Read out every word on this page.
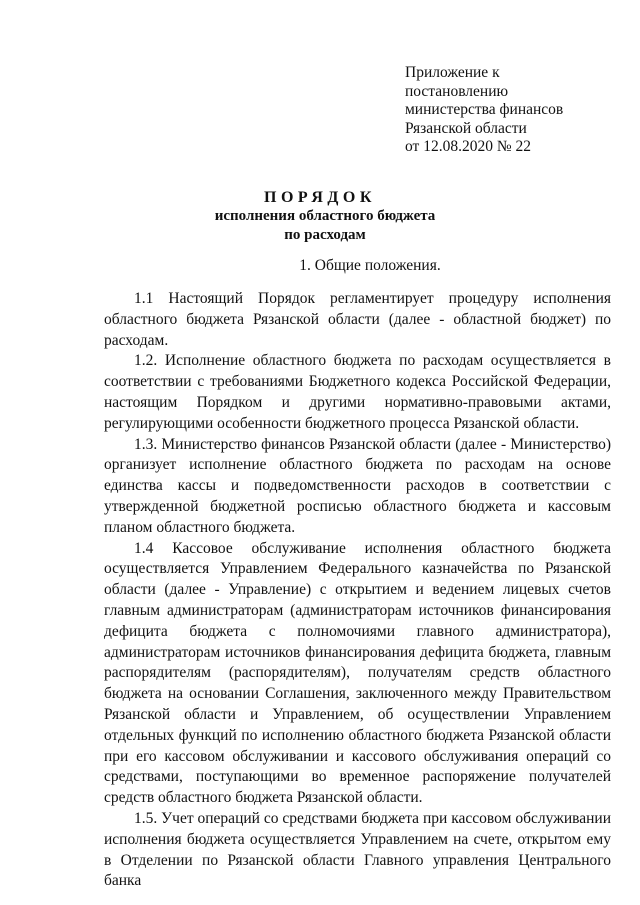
Приложение к
постановлению
министерства финансов
Рязанской области
от 12.08.2020 № 22
ПОРЯДОК
исполнения областного бюджета
по расходам
1. Общие положения.

1.1 Настоящий Порядок регламентирует процедуру исполнения областного бюджета Рязанской области (далее - областной бюджет) по расходам.

1.2. Исполнение областного бюджета по расходам осуществляется в соответствии с требованиями Бюджетного кодекса Российской Федерации, настоящим Порядком и другими нормативно-правовыми актами, регулирующими особенности бюджетного процесса Рязанской области.

1.3. Министерство финансов Рязанской области (далее - Министерство) организует исполнение областного бюджета по расходам на основе единства кассы и подведомственности расходов в соответствии с утвержденной бюджетной росписью областного бюджета и кассовым планом областного бюджета.

1.4 Кассовое обслуживание исполнения областного бюджета осуществляется Управлением Федерального казначейства по Рязанской области (далее - Управление) с открытием и ведением лицевых счетов главным администраторам (администраторам источников финансирования дефицита бюджета с полномочиями главного администратора), администраторам источников финансирования дефицита бюджета, главным распорядителям (распорядителям), получателям средств областного бюджета на основании Соглашения, заключенного между Правительством Рязанской области и Управлением, об осуществлении Управлением отдельных функций по исполнению областного бюджета Рязанской области при его кассовом обслуживании и кассового обслуживания операций со средствами, поступающими во временное распоряжение получателей средств областного бюджета Рязанской области.

1.5. Учет операций со средствами бюджета при кассовом обслуживании исполнения бюджета осуществляется Управлением на счете, открытом ему в Отделении по Рязанской области Главного управления Центрального банка
